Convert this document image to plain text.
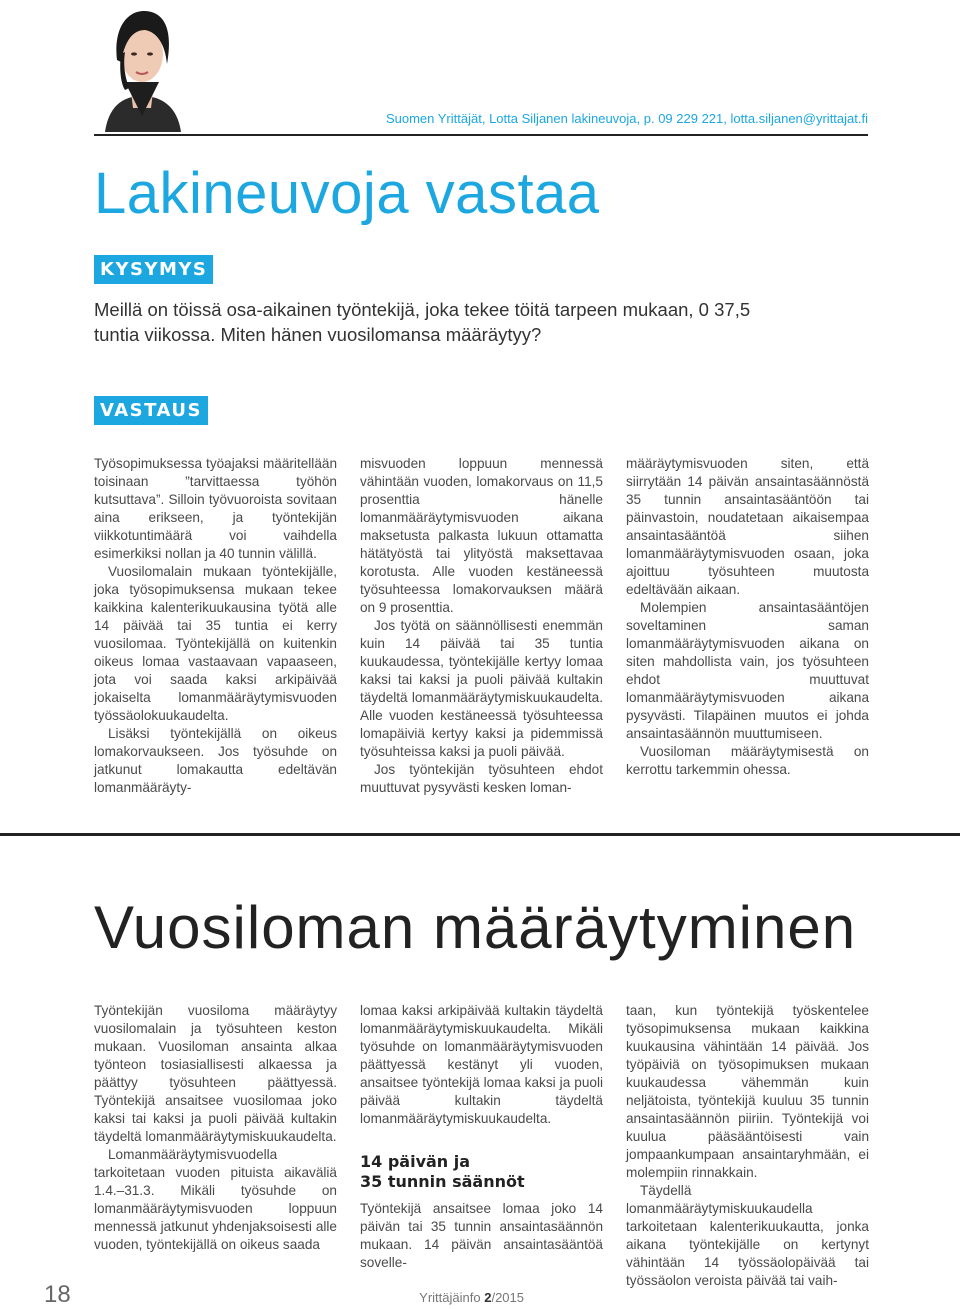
Suomen Yrittäjät, Lotta Siljanen lakineuvoja, p. 09 229 221, lotta.siljanen@yrittajat.fi
Lakineuvoja vastaa
KYSYMYS

Meillä on töissä osa-aikainen työntekijä, joka tekee töitä tarpeen mukaan, 0 37,5 tuntia viikossa. Miten hänen vuosilomansa määräytyy?

VASTAUS

Työsopimuksessa työajaksi määritellään toisinaan ”tarvittaessa työhön kutsuttava”. Silloin työvuoroista sovitaan aina erikseen, ja työntekijän viikkotuntimäärä voi vaihdella esimerkiksi nollan ja 40 tunnin välillä.

Vuosilomalain mukaan työntekijälle, joka työsopimuksensa mukaan tekee kaikkina kalenterikuukausina työtä alle 14 päivää tai 35 tuntia ei kerry vuosilomaa. Työntekijällä on kuitenkin oikeus lomaa vastaavaan vapaaseen, jota voi saada kaksi arkipäivää jokaiselta lomanmääräytymisvuoden työssäolokuukaudelta.

Lisäksi työntekijällä on oikeus lomakorvaukseen. Jos työsuhde on jatkunut lomakautta edeltävän lomanmääräyty-

misvuoden loppuun mennessä vähintään vuoden, lomakorvaus on 11,5 prosenttia hänelle lomanmääräytymisvuoden aikana maksetusta palkasta lukuun ottamatta hätätyöstä tai ylityöstä maksettavaa korotusta. Alle vuoden kestäneessä työsuhteessa lomakorvauksen määrä on 9 prosenttia.

Jos työtä on säännöllisesti enemmän kuin 14 päivää tai 35 tuntia kuukaudessa, työntekijälle kertyy lomaa kaksi tai kaksi ja puoli päivää kultakin täydeltä lomanmääräytymiskuukaudelta. Alle vuoden kestäneessä työsuhteessa lomapäiviä kertyy kaksi ja pidemmissä työsuhteissa kaksi ja puoli päivää.

Jos työntekijän työsuhteen ehdot muuttuvat pysyvästi kesken loman-

määräytymisvuoden siten, että siirrytään 14 päivän ansaintasäännöstä 35 tunnin ansaintasääntöön tai päinvastoin, noudatetaan aikaisempaa ansaintasääntöä siihen lomanmääräytymisvuoden osaan, joka ajoittuu työsuhteen muutosta edeltävään aikaan.

Molempien ansaintasääntöjen soveltaminen saman lomanmääräytymisvuoden aikana on siten mahdollista vain, jos työsuhteen ehdot muuttuvat lomanmääräytymisvuoden aikana pysyvästi. Tilapäinen muutos ei johda ansaintasäännön muuttumiseen.

Vuosiloman määräytymisestä on kerrottu tarkemmin ohessa.

Vuosiloman määräytyminen

Työntekijän vuosiloma määräytyy vuosilomalain ja työsuhteen keston mukaan. Vuosiloman ansainta alkaa työnteon tosiasiallisesti alkaessa ja päättyy työsuhteen päättyessä. Työntekijä ansaitsee vuosilomaa joko kaksi tai kaksi ja puoli päivää kultakin täydeltä lomanmääräytymiskuukaudelta.

Lomanmääräytymisvuodella tarkoitetaan vuoden pituista aikaväliä 1.4.–31.3. Mikäli työsuhde on lomanmääräytymisvuoden loppuun mennessä jatkunut yhdenjaksoisesti alle vuoden, työntekijällä on oikeus saada

lomaa kaksi arkipäivää kultakin täydeltä lomanmääräytymiskuukaudelta. Mikäli työsuhde on lomanmääräytymisvuoden päättyessä kestänyt yli vuoden, ansaitsee työntekijä lomaa kaksi ja puoli päivää kultakin täydeltä lomanmääräytymiskuukaudelta.

14 päivän ja
35 tunnin säännöt

Työntekijä ansaitsee lomaa joko 14 päivän tai 35 tunnin ansaintasäännön mukaan. 14 päivän ansaintasääntöä sovelle-

taan, kun työntekijä työskentelee työsopimuksensa mukaan kaikkina kuukausina vähintään 14 päivää. Jos työpäiviä on työsopimuksen mukaan kuukaudessa vähemmän kuin neljätoista, työntekijä kuuluu 35 tunnin ansaintasäännön piiriin. Työntekijä voi kuulua pääsääntöisesti vain jompaankumpaan ansaintaryhmään, ei molempiin rinnakkain.

Täydellä lomanmääräytymiskuukaudella tarkoitetaan kalenterikuukautta, jonka aikana työntekijälle on kertynyt vähintään 14 työssäolopäivää tai työssäolon veroista päivää tai vaih-

18	Yrittäjäinfo 2/2015
